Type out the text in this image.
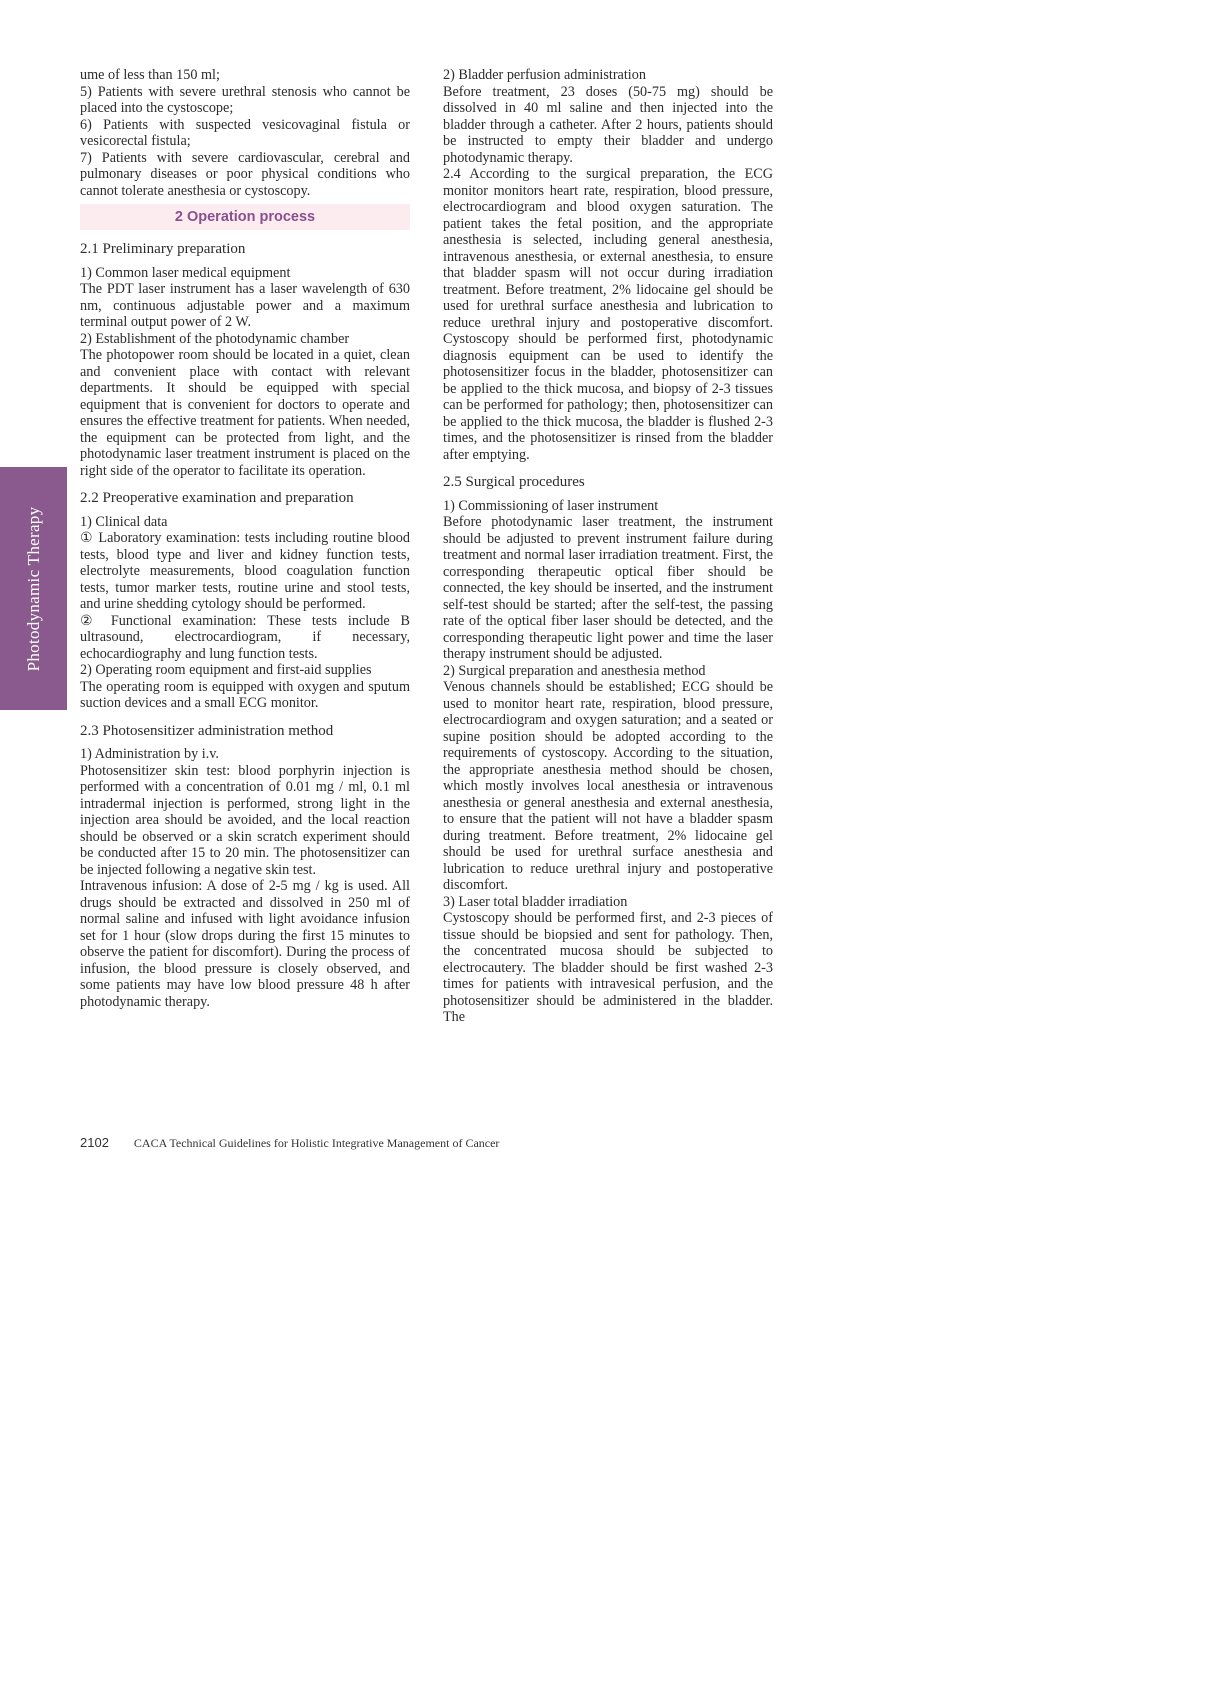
Photodynamic Therapy

ume of less than 150 ml;

5) Patients with severe urethral stenosis who cannot be placed into the cystoscope;

6) Patients with suspected vesicovaginal fistula or vesicorectal fistula;

7) Patients with severe cardiovascular, cerebral and pulmonary diseases or poor physical conditions who cannot tolerate anesthesia or cystoscopy.

2 Operation process

2.1 Preliminary preparation

1) Common laser medical equipment

The PDT laser instrument has a laser wavelength of 630 nm, continuous adjustable power and a maximum terminal output power of 2 W.

2) Establishment of the photodynamic chamber

The photopower room should be located in a quiet, clean and convenient place with contact with relevant departments. It should be equipped with special equipment that is convenient for doctors to operate and ensures the effective treatment for patients. When needed, the equipment can be protected from light, and the photodynamic laser treatment instrument is placed on the right side of the operator to facilitate its operation.

2.2 Preoperative examination and preparation

1) Clinical data

① Laboratory examination: tests including routine blood tests, blood type and liver and kidney function tests, electrolyte measurements, blood coagulation function tests, tumor marker tests, routine urine and stool tests, and urine shedding cytology should be performed.

② Functional examination: These tests include B ultrasound, electrocardiogram, if necessary, echocardiography and lung function tests.

2) Operating room equipment and first-aid supplies

The operating room is equipped with oxygen and sputum suction devices and a small ECG monitor.

2.3 Photosensitizer administration method

1) Administration by i.v.

Photosensitizer skin test: blood porphyrin injection is performed with a concentration of 0.01 mg / ml, 0.1 ml intradermal injection is performed, strong light in the injection area should be avoided, and the local reaction should be observed or a skin scratch experiment should be conducted after 15 to 20 min. The photosensitizer can be injected following a negative skin test.

Intravenous infusion: A dose of 2-5 mg / kg is used. All drugs should be extracted and dissolved in 250 ml of normal saline and infused with light avoidance infusion set for 1 hour (slow drops during the first 15 minutes to observe the patient for discomfort). During the process of infusion, the blood pressure is closely observed, and some patients may have low blood pressure 48 h after photodynamic therapy.

2) Bladder perfusion administration

Before treatment, 23 doses (50-75 mg) should be dissolved in 40 ml saline and then injected into the bladder through a catheter. After 2 hours, patients should be instructed to empty their bladder and undergo photodynamic therapy.

2.4 According to the surgical preparation, the ECG monitor monitors heart rate, respiration, blood pressure, electrocardiogram and blood oxygen saturation. The patient takes the fetal position, and the appropriate anesthesia is selected, including general anesthesia, intravenous anesthesia, or external anesthesia, to ensure that bladder spasm will not occur during irradiation treatment. Before treatment, 2% lidocaine gel should be used for urethral surface anesthesia and lubrication to reduce urethral injury and postoperative discomfort. Cystoscopy should be performed first, photodynamic diagnosis equipment can be used to identify the photosensitizer focus in the bladder, photosensitizer can be applied to the thick mucosa, and biopsy of 2-3 tissues can be performed for pathology; then, photosensitizer can be applied to the thick mucosa, the bladder is flushed 2-3 times, and the photosensitizer is rinsed from the bladder after emptying.

2.5 Surgical procedures

1) Commissioning of laser instrument

Before photodynamic laser treatment, the instrument should be adjusted to prevent instrument failure during treatment and normal laser irradiation treatment. First, the corresponding therapeutic optical fiber should be connected, the key should be inserted, and the instrument self-test should be started; after the self-test, the passing rate of the optical fiber laser should be detected, and the corresponding therapeutic light power and time the laser therapy instrument should be adjusted.

2) Surgical preparation and anesthesia method

Venous channels should be established; ECG should be used to monitor heart rate, respiration, blood pressure, electrocardiogram and oxygen saturation; and a seated or supine position should be adopted according to the requirements of cystoscopy. According to the situation, the appropriate anesthesia method should be chosen, which mostly involves local anesthesia or intravenous anesthesia or general anesthesia and external anesthesia, to ensure that the patient will not have a bladder spasm during treatment. Before treatment, 2% lidocaine gel should be used for urethral surface anesthesia and lubrication to reduce urethral injury and postoperative discomfort.

3) Laser total bladder irradiation

Cystoscopy should be performed first, and 2-3 pieces of tissue should be biopsied and sent for pathology. Then, the concentrated mucosa should be subjected to electrocautery. The bladder should be first washed 2-3 times for patients with intravesical perfusion, and the photosensitizer should be administered in the bladder. The

2102 CACA Technical Guidelines for Holistic Integrative Management of Cancer
